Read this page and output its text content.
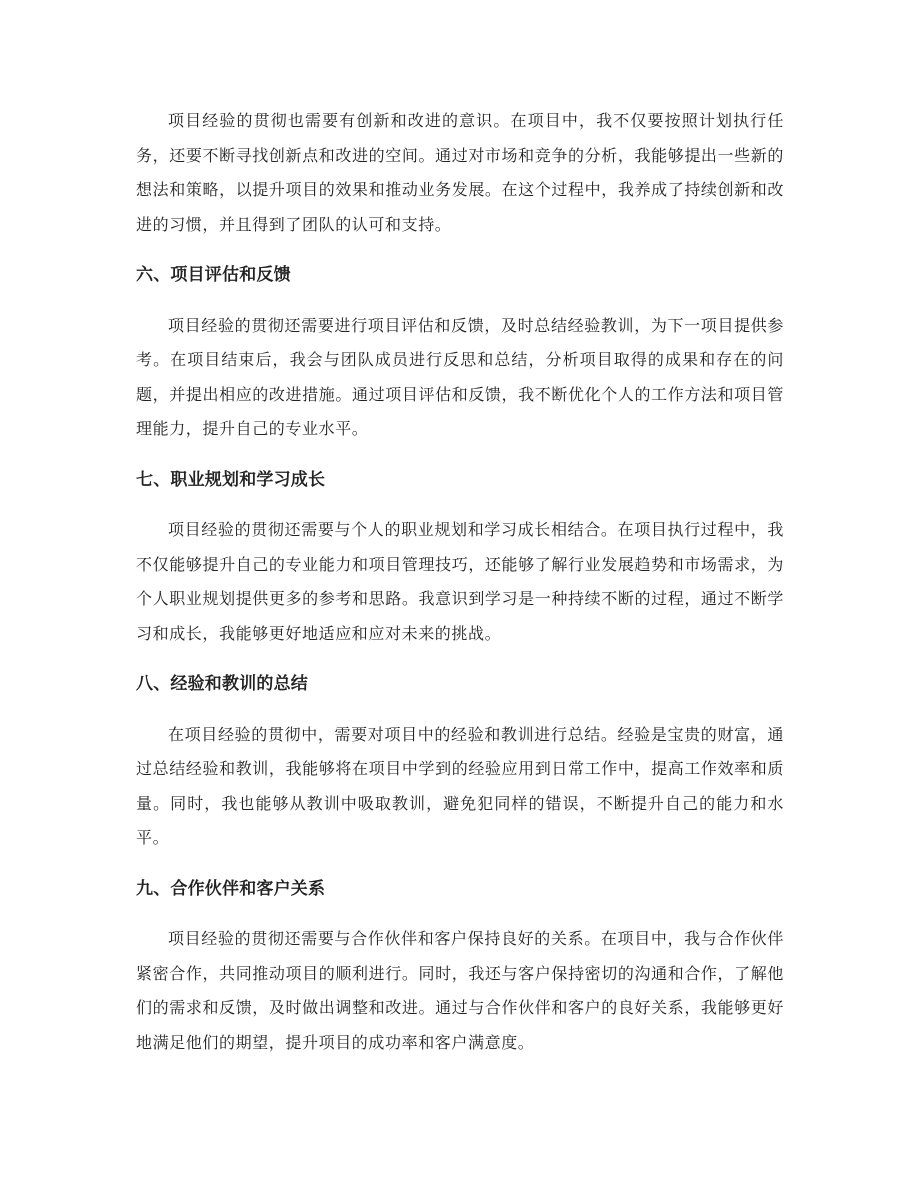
项目经验的贯彻也需要有创新和改进的意识。在项目中，我不仅要按照计划执行任务，还要不断寻找创新点和改进的空间。通过对市场和竞争的分析，我能够提出一些新的想法和策略，以提升项目的效果和推动业务发展。在这个过程中，我养成了持续创新和改进的习惯，并且得到了团队的认可和支持。

六、项目评估和反馈

项目经验的贯彻还需要进行项目评估和反馈，及时总结经验教训，为下一项目提供参考。在项目结束后，我会与团队成员进行反思和总结，分析项目取得的成果和存在的问题，并提出相应的改进措施。通过项目评估和反馈，我不断优化个人的工作方法和项目管理能力，提升自己的专业水平。

七、职业规划和学习成长

项目经验的贯彻还需要与个人的职业规划和学习成长相结合。在项目执行过程中，我不仅能够提升自己的专业能力和项目管理技巧，还能够了解行业发展趋势和市场需求，为个人职业规划提供更多的参考和思路。我意识到学习是一种持续不断的过程，通过不断学习和成长，我能够更好地适应和应对未来的挑战。

八、经验和教训的总结

在项目经验的贯彻中，需要对项目中的经验和教训进行总结。经验是宝贵的财富，通过总结经验和教训，我能够将在项目中学到的经验应用到日常工作中，提高工作效率和质量。同时，我也能够从教训中吸取教训，避免犯同样的错误，不断提升自己的能力和水平。

九、合作伙伴和客户关系

项目经验的贯彻还需要与合作伙伴和客户保持良好的关系。在项目中，我与合作伙伴紧密合作，共同推动项目的顺利进行。同时，我还与客户保持密切的沟通和合作，了解他们的需求和反馈，及时做出调整和改进。通过与合作伙伴和客户的良好关系，我能够更好地满足他们的期望，提升项目的成功率和客户满意度。
